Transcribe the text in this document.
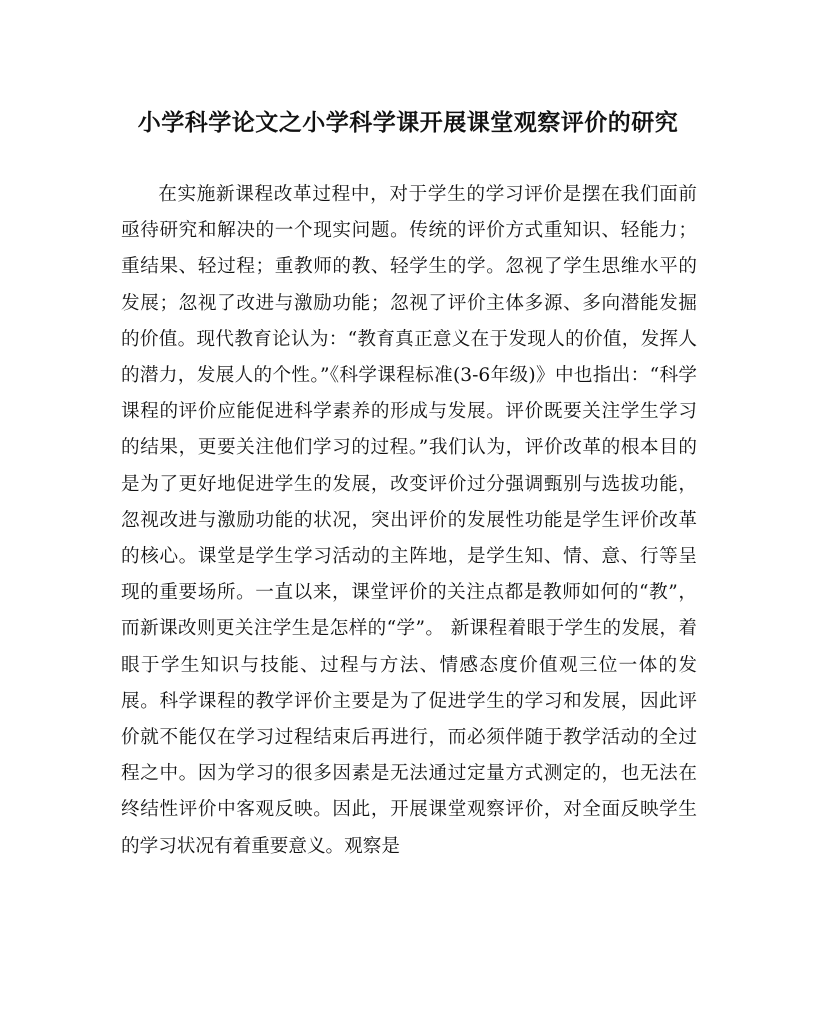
小学科学论文之小学科学课开展课堂观察评价的研究

在实施新课程改革过程中，对于学生的学习评价是摆在我们面前亟待研究和解决的一个现实问题。传统的评价方式重知识、轻能力；重结果、轻过程；重教师的教、轻学生的学。忽视了学生思维水平的发展；忽视了改进与激励功能；忽视了评价主体多源、多向潜能发掘的价值。现代教育论认为：“教育真正意义在于发现人的价值，发挥人的潜力，发展人的个性。”《科学课程标准(3-6年级)》中也指出：“科学课程的评价应能促进科学素养的形成与发展。评价既要关注学生学习的结果，更要关注他们学习的过程。”我们认为，评价改革的根本目的是为了更好地促进学生的发展，改变评价过分强调甄别与选拔功能，忽视改进与激励功能的状况，突出评价的发展性功能是学生评价改革的核心。课堂是学生学习活动的主阵地，是学生知、情、意、行等呈现的重要场所。一直以来，课堂评价的关注点都是教师如何的“教”，而新课改则更关注学生是怎样的“学”。 新课程着眼于学生的发展，着眼于学生知识与技能、过程与方法、情感态度价值观三位一体的发展。科学课程的教学评价主要是为了促进学生的学习和发展，因此评价就不能仅在学习过程结束后再进行，而必须伴随于教学活动的全过程之中。因为学习的很多因素是无法通过定量方式测定的，也无法在终结性评价中客观反映。因此，开展课堂观察评价，对全面反映学生的学习状况有着重要意义。观察是
